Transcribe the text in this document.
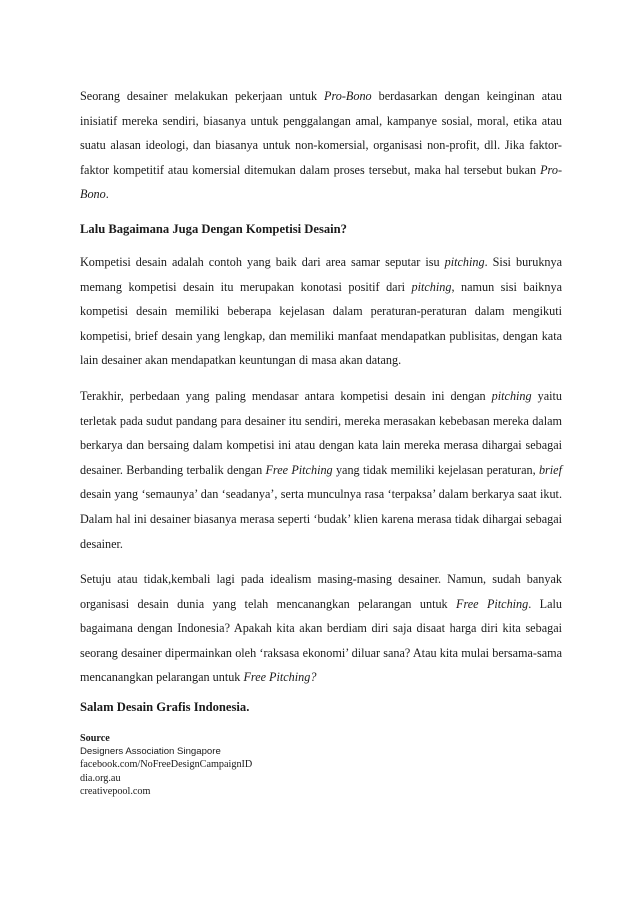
Seorang desainer melakukan pekerjaan untuk Pro-Bono berdasarkan dengan keinginan atau inisiatif mereka sendiri, biasanya untuk penggalangan amal, kampanye sosial, moral, etika atau suatu alasan ideologi, dan biasanya untuk non-komersial, organisasi non-profit, dll. Jika faktor-faktor kompetitif atau komersial ditemukan dalam proses tersebut, maka hal tersebut bukan Pro-Bono.

Lalu Bagaimana Juga Dengan Kompetisi Desain?

Kompetisi desain adalah contoh yang baik dari area samar seputar isu pitching. Sisi buruknya memang kompetisi desain itu merupakan konotasi positif dari pitching, namun sisi baiknya kompetisi desain memiliki beberapa kejelasan dalam peraturan-peraturan dalam mengikuti kompetisi, brief desain yang lengkap, dan memiliki manfaat mendapatkan publisitas, dengan kata lain desainer akan mendapatkan keuntungan di masa akan datang.

Terakhir, perbedaan yang paling mendasar antara kompetisi desain ini dengan pitching yaitu terletak pada sudut pandang para desainer itu sendiri, mereka merasakan kebebasan mereka dalam berkarya dan bersaing dalam kompetisi ini atau dengan kata lain mereka merasa dihargai sebagai desainer. Berbanding terbalik dengan Free Pitching yang tidak memiliki kejelasan peraturan, brief desain yang ‘semaunya’ dan ‘seadanya’, serta munculnya rasa ‘terpaksa’ dalam berkarya saat ikut. Dalam hal ini desainer biasanya merasa seperti ‘budak’ klien karena merasa tidak dihargai sebagai desainer.

Setuju atau tidak,kembali lagi pada idealism masing-masing desainer. Namun, sudah banyak organisasi desain dunia yang telah mencanangkan pelarangan untuk Free Pitching. Lalu bagaimana dengan Indonesia? Apakah kita akan berdiam diri saja disaat harga diri kita sebagai seorang desainer dipermainkan oleh ‘raksasa ekonomi’ diluar sana? Atau kita mulai bersama-sama mencanangkan pelarangan untuk Free Pitching?

Salam Desain Grafis Indonesia.
Source
Designers Association Singapore
facebook.com/NoFreeDesignCampaignID
dia.org.au
creativepool.com
